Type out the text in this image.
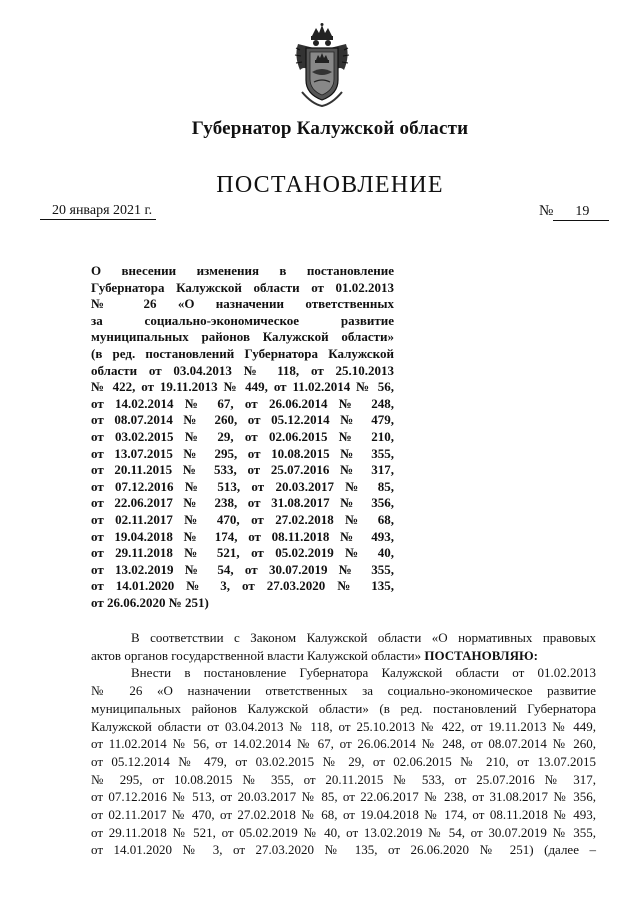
Губернатор Калужской области
ПОСТАНОВЛЕНИЕ
20 января 2021 г.	№ 19
О внесении изменения в постановление
Губернатора Калужской области от 01.02.2013
№ 26 «О назначении ответственных
за социально-экономическое развитие
муниципальных районов Калужской области»
(в ред. постановлений Губернатора Калужской
области от 03.04.2013 № 118, от 25.10.2013
№ 422, от 19.11.2013 № 449, от 11.02.2014 № 56,
от 14.02.2014 № 67, от 26.06.2014 № 248,
от 08.07.2014 № 260, от 05.12.2014 № 479,
от 03.02.2015 № 29, от 02.06.2015 № 210,
от 13.07.2015 № 295, от 10.08.2015 № 355,
от 20.11.2015 № 533, от 25.07.2016 № 317,
от 07.12.2016 № 513, от 20.03.2017 № 85,
от 22.06.2017 № 238, от 31.08.2017 № 356,
от 02.11.2017 № 470, от 27.02.2018 № 68,
от 19.04.2018 № 174, от 08.11.2018 № 493,
от 29.11.2018 № 521, от 05.02.2019 № 40,
от 13.02.2019 № 54, от 30.07.2019 № 355,
от 14.01.2020 № 3, от 27.03.2020 № 135,
от 26.06.2020 № 251)
В соответствии с Законом Калужской области «О нормативных правовых
актов органов государственной власти Калужской области» ПОСТАНОВЛЯЮ:
Внести в постановление Губернатора Калужской области от 01.02.2013
№ 26 «О назначении ответственных за социально-экономическое развитие
муниципальных районов Калужской области» (в ред. постановлений Губернатора
Калужской области от 03.04.2013 № 118, от 25.10.2013 № 422, от 19.11.2013 № 449,
от 11.02.2014 № 56, от 14.02.2014 № 67, от 26.06.2014 № 248, от 08.07.2014 № 260,
от 05.12.2014 № 479, от 03.02.2015 № 29, от 02.06.2015 № 210, от 13.07.2015
№ 295, от 10.08.2015 № 355, от 20.11.2015 № 533, от 25.07.2016 № 317,
от 07.12.2016 № 513, от 20.03.2017 № 85, от 22.06.2017 № 238, от 31.08.2017 № 356,
от 02.11.2017 № 470, от 27.02.2018 № 68, от 19.04.2018 № 174, от 08.11.2018 № 493,
от 29.11.2018 № 521, от 05.02.2019 № 40, от 13.02.2019 № 54, от 30.07.2019 № 355,
от 14.01.2020 № 3, от 27.03.2020 № 135, от 26.06.2020 № 251) (далее –
